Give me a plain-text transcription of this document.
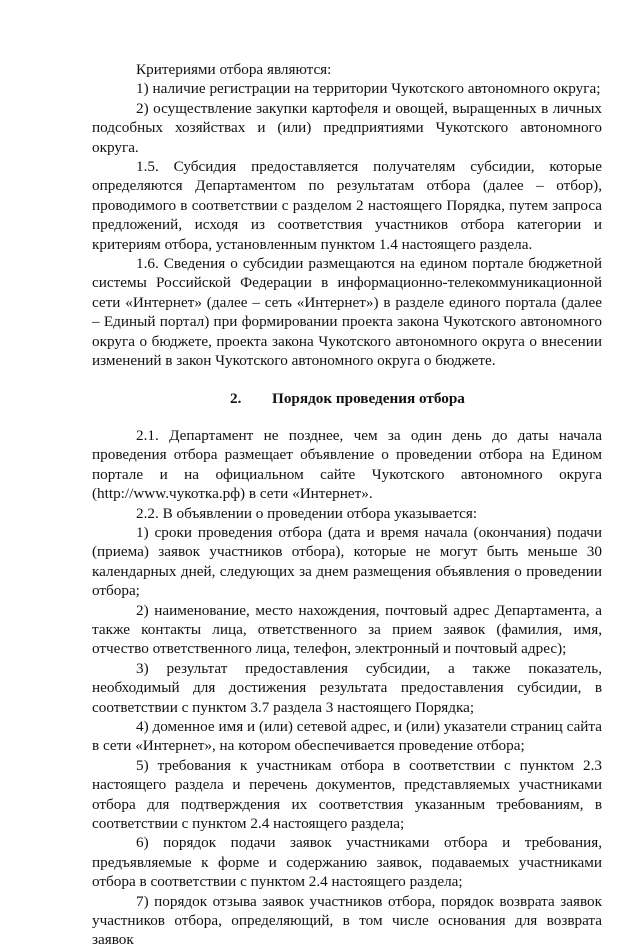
Критериями отбора являются:

1) наличие регистрации на территории Чукотского автономного округа;

2) осуществление закупки картофеля и овощей, выращенных в личных подсобных хозяйствах и (или) предприятиями Чукотского автономного округа.

1.5. Субсидия предоставляется получателям субсидии, которые определяются Департаментом по результатам отбора (далее – отбор), проводимого в соответствии с разделом 2 настоящего Порядка, путем запроса предложений, исходя из соответствия участников отбора категории и критериям отбора, установленным пунктом 1.4 настоящего раздела.

1.6. Сведения о субсидии размещаются на едином портале бюджетной системы Российской Федерации в информационно-телекоммуникационной сети «Интернет» (далее – сеть «Интернет») в разделе единого портала (далее – Единый портал) при формировании проекта закона Чукотского автономного округа о бюджете, проекта закона Чукотского автономного округа о внесении изменений в закон Чукотского автономного округа о бюджете.

2. Порядок проведения отбора

2.1. Департамент не позднее, чем за один день до даты начала проведения отбора размещает объявление о проведении отбора на Едином портале и на официальном сайте Чукотского автономного округа (http://www.чукотка.рф) в сети «Интернет».

2.2. В объявлении о проведении отбора указывается:

1) сроки проведения отбора (дата и время начала (окончания) подачи (приема) заявок участников отбора), которые не могут быть меньше 30 календарных дней, следующих за днем размещения объявления о проведении отбора;

2) наименование, место нахождения, почтовый адрес Департамента, а также контакты лица, ответственного за прием заявок (фамилия, имя, отчество ответственного лица, телефон, электронный и почтовый адрес);

3) результат предоставления субсидии, а также показатель, необходимый для достижения результата предоставления субсидии, в соответствии с пунктом 3.7 раздела 3 настоящего Порядка;

4) доменное имя и (или) сетевой адрес, и (или) указатели страниц сайта в сети «Интернет», на котором обеспечивается проведение отбора;

5) требования к участникам отбора в соответствии с пунктом 2.3 настоящего раздела и перечень документов, представляемых участниками отбора для подтверждения их соответствия указанным требованиям, в соответствии с пунктом 2.4 настоящего раздела;

6) порядок подачи заявок участниками отбора и требования, предъявляемые к форме и содержанию заявок, подаваемых участниками отбора в соответствии с пунктом 2.4 настоящего раздела;

7) порядок отзыва заявок участников отбора, порядок возврата заявок участников отбора, определяющий, в том числе основания для возврата заявок
